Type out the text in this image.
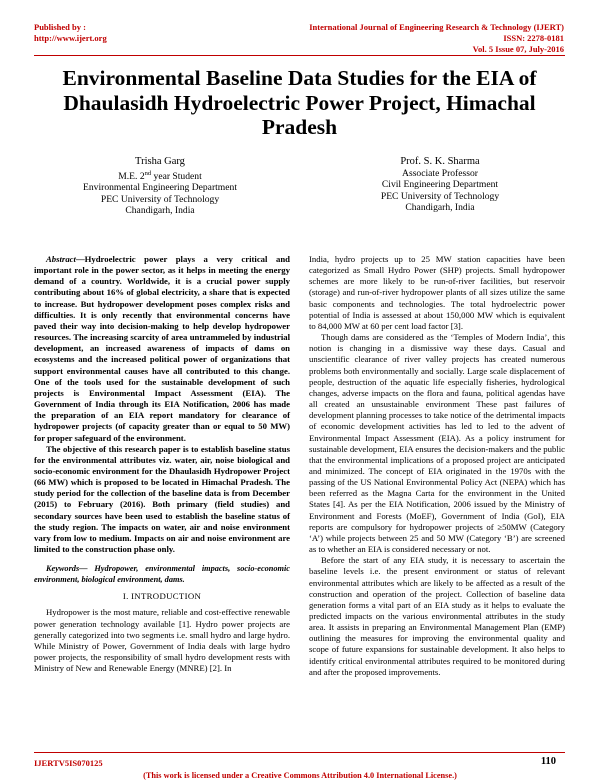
Published by :
http://www.ijert.org
International Journal of Engineering Research & Technology (IJERT)
ISSN: 2278-0181
Vol. 5 Issue 07, July-2016
Environmental Baseline Data Studies for the EIA of Dhaulasidh Hydroelectric Power Project, Himachal Pradesh
Trisha Garg
M.E. 2nd year Student
Environmental Engineering Department
PEC University of Technology
Chandigarh, India
Prof. S. K. Sharma
Associate Professor
Civil Engineering Department
PEC University of Technology
Chandigarh, India

Abstract—Hydroelectric power plays a very critical and important role in the power sector, as it helps in meeting the energy demand of a country. Worldwide, it is a crucial power supply contributing about 16% of global electricity, a share that is expected to increase. But hydropower development poses complex risks and difficulties. It is only recently that environmental concerns have paved their way into decision-making to help develop hydropower resources. The increasing scarcity of area untrammeled by industrial development, an increased awareness of impacts of dams on ecosystems and the increased political power of organizations that support environmental causes have all contributed to this change. One of the tools used for the sustainable development of such projects is Environmental Impact Assessment (EIA). The Government of India through its EIA Notification, 2006 has made the preparation of an EIA report mandatory for clearance of hydropower projects (of capacity greater than or equal to 50 MW) for proper safeguard of the environment.

The objective of this research paper is to establish baseline status for the environmental attributes viz. water, air, noise biological and socio-economic environment for the Dhaulasidh Hydropower Project (66 MW) which is proposed to be located in Himachal Pradesh. The study period for the collection of the baseline data is from December (2015) to February (2016). Both primary (field studies) and secondary sources have been used to establish the baseline status of the study region. The impacts on water, air and noise environment vary from low to medium. Impacts on air and noise environment are limited to the construction phase only.

Keywords— Hydropower, environmental impacts, socio-economic environment, biological environment, dams.

I. INTRODUCTION

Hydropower is the most mature, reliable and cost-effective renewable power generation technology available [1]. Hydro power projects are generally categorized into two segments i.e. small hydro and large hydro. While Ministry of Power, Government of India deals with large hydro power projects, the responsibility of small hydro development rests with Ministry of New and Renewable Energy (MNRE) [2]. In

India, hydro projects up to 25 MW station capacities have been categorized as Small Hydro Power (SHP) projects. Small hydropower schemes are more likely to be run-of-river facilities, but reservoir (storage) and run-of-river hydropower plants of all sizes utilize the same basic components and technologies. The total hydroelectric power potential of India is assessed at about 150,000 MW which is equivalent to 84,000 MW at 60 per cent load factor [3].

Though dams are considered as the ‘Temples of Modern India’, this notion is changing in a dismissive way these days. Casual and unscientific clearance of river valley projects has created numerous problems both environmentally and socially. Large scale displacement of people, destruction of the aquatic life especially fisheries, hydrological changes, adverse impacts on the flora and fauna, political agendas have all created an unsustainable environment These past failures of development planning processes to take notice of the detrimental impacts of economic development activities has led to led to the advent of Environmental Impact Assessment (EIA). As a policy instrument for sustainable development, EIA ensures the decision-makers and the public that the environmental implications of a proposed project are anticipated and minimized. The concept of EIA originated in the 1970s with the passing of the US National Environmental Policy Act (NEPA) which has been referred as the Magna Carta for the environment in the United States [4]. As per the EIA Notification, 2006 issued by the Ministry of Environment and Forests (MoEF), Government of India (GoI), EIA reports are compulsory for hydropower projects of ≥50MW (Category ‘A’) while projects between 25 and 50 MW (Category ‘B’) are screened as to whether an EIA is considered necessary or not.

Before the start of any EIA study, it is necessary to ascertain the baseline levels i.e. the present environment or status of relevant environmental attributes which are likely to be affected as a result of the construction and operation of the project. Collection of baseline data generation forms a vital part of an EIA study as it helps to evaluate the predicted impacts on the various environmental attributes in the study area. It assists in preparing an Environmental Management Plan (EMP) outlining the measures for improving the environmental quality and scope of future expansions for sustainable development. It also helps to identify critical environmental attributes required to be monitored during and after the proposed improvements.

IJERTV5IS070125	110
(This work is licensed under a Creative Commons Attribution 4.0 International License.)
